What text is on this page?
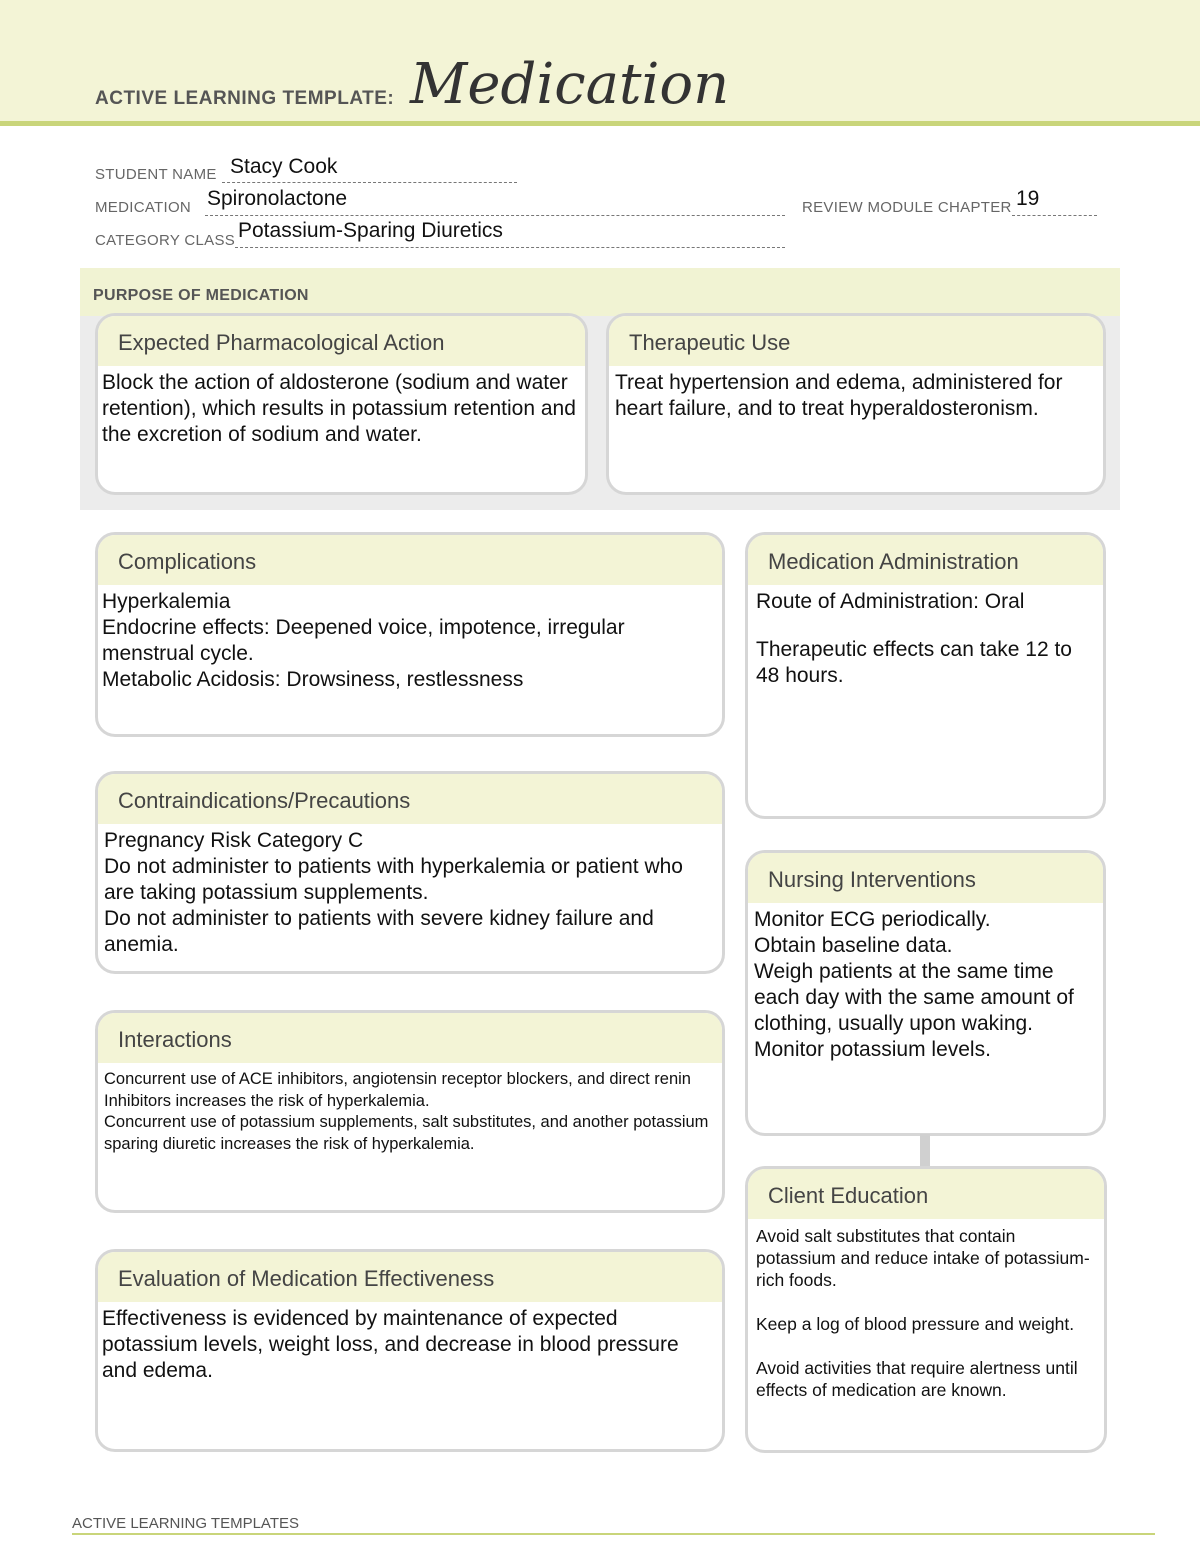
ACTIVE LEARNING TEMPLATE: Medication
STUDENT NAME Stacy Cook
MEDICATION Spironolactone	REVIEW MODULE CHAPTER 19
CATEGORY CLASS Potassium-Sparing Diuretics
PURPOSE OF MEDICATION
Expected Pharmacological Action
Block the action of aldosterone (sodium and water retention), which results in potassium retention and the excretion of sodium and water.
Therapeutic Use
Treat hypertension and edema, administered for heart failure, and to treat hyperaldosteronism.
Complications

Hyperkalemia

Endocrine effects: Deepened voice, impotence, irregular menstrual cycle.

Metabolic Acidosis: Drowsiness, restlessness

Medication Administration

Route of Administration: Oral

Therapeutic effects can take 12 to 48 hours.

Contraindications/Precautions

Pregnancy Risk Category C

Do not administer to patients with hyperkalemia or patient who are taking potassium supplements.

Do not administer to patients with severe kidney failure and anemia.

Nursing Interventions

Monitor ECG periodically.

Obtain baseline data.

Weigh patients at the same time each day with the same amount of clothing, usually upon waking.

Monitor potassium levels.

Interactions

Concurrent use of ACE inhibitors, angiotensin receptor blockers, and direct renin Inhibitors increases the risk of hyperkalemia.

Concurrent use of potassium supplements, salt substitutes, and another potassium sparing diuretic increases the risk of hyperkalemia.

Client Education

Avoid salt substitutes that contain potassium and reduce intake of potassium-rich foods.

Keep a log of blood pressure and weight.

Avoid activities that require alertness until effects of medication are known.

Evaluation of Medication Effectiveness
Effectiveness is evidenced by maintenance of expected potassium levels, weight loss, and decrease in blood pressure and edema.
ACTIVE LEARNING TEMPLATES
